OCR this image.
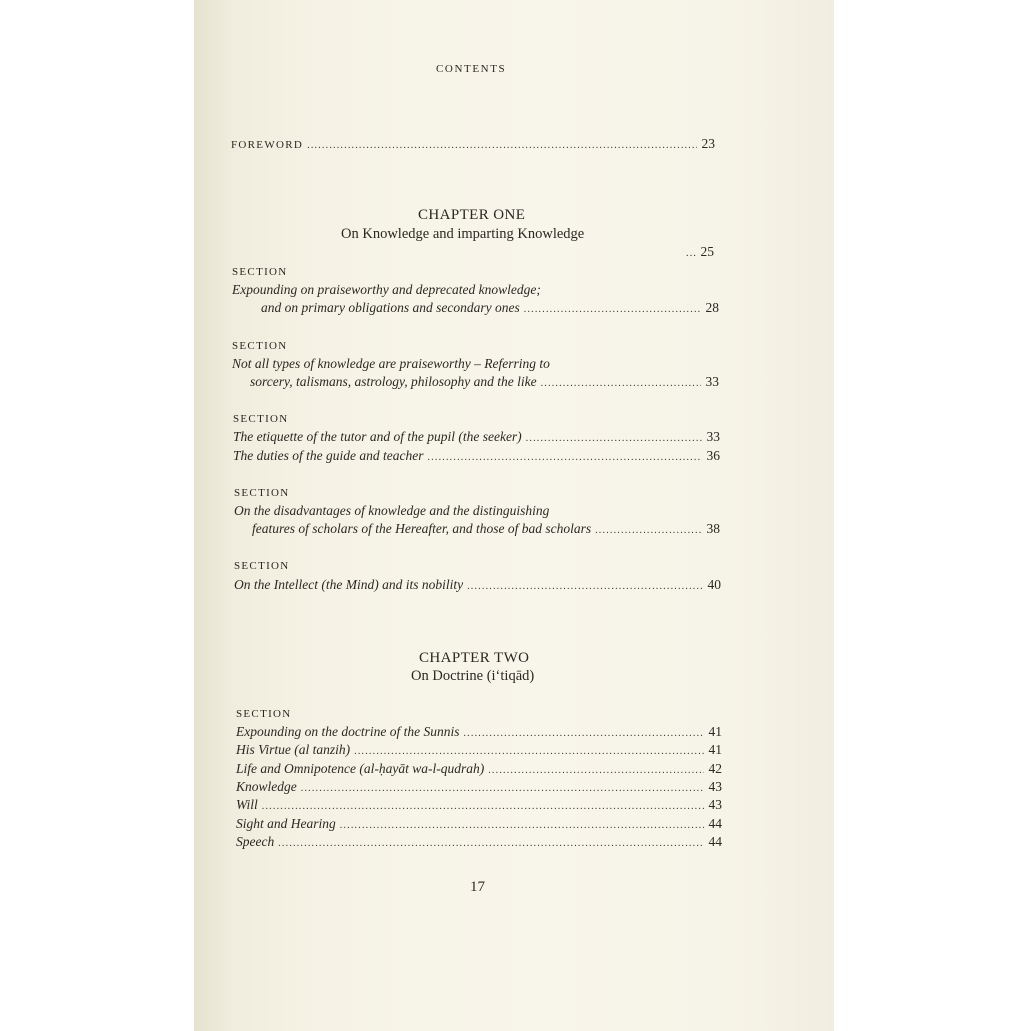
CONTENTS
FOREWORD .....	23
CHAPTER ONE
On Knowledge and imparting Knowledge
... 25
SECTION
Expounding on praiseworthy and deprecated knowledge;
and on primary obligations and secondary ones .....	28
SECTION
Not all types of knowledge are praiseworthy – Referring to
sorcery, talismans, astrology, philosophy and the like .....	33
SECTION
The etiquette of the tutor and of the pupil (the seeker) .....	33
The duties of the guide and teacher .....	36
SECTION
On the disadvantages of knowledge and the distinguishing
features of scholars of the Hereafter, and those of bad scholars .....	38
SECTION
On the Intellect (the Mind) and its nobility .....	40
CHAPTER TWO
On Doctrine (i‘tiqād)
SECTION
Expounding on the doctrine of the Sunnis .....	41
His Virtue (al tanzih) .....	41
Life and Omnipotence (al-ḥayāt wa-l-qudrah) .....	42
Knowledge .....	43
Will .....	43
Sight and Hearing .....	44
Speech .....	44
17
